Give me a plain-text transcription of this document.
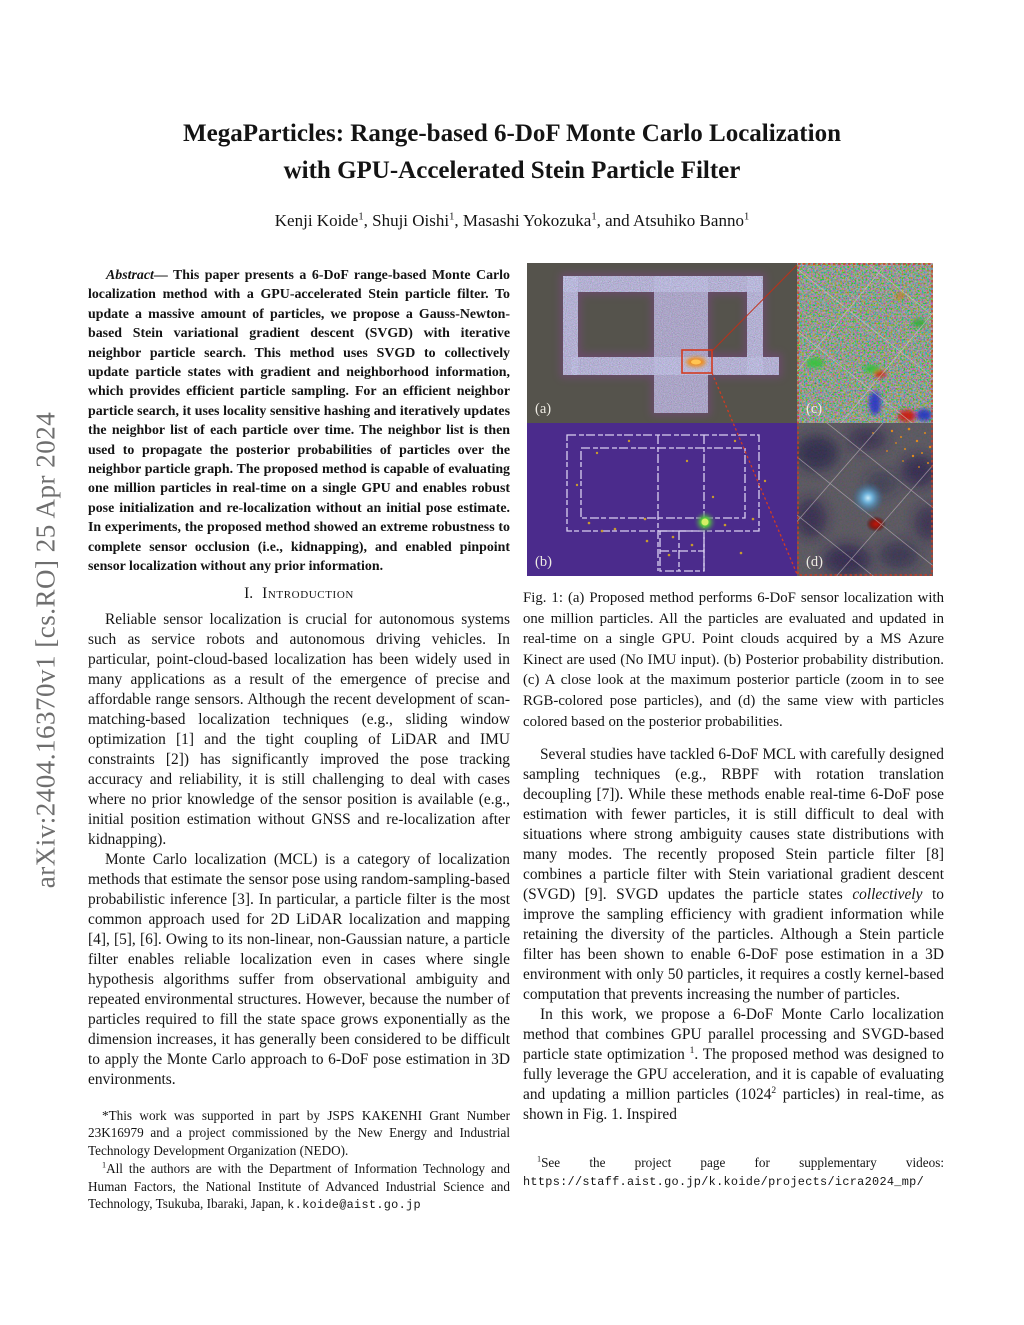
arXiv:2404.16370v1 [cs.RO] 25 Apr 2024
MegaParticles: Range-based 6-DoF Monte Carlo Localization
with GPU-Accelerated Stein Particle Filter
Kenji Koide$^1$, Shuji Oishi$^1$, Masashi Yokozuka$^1$, and Atsuhiko Banno$^1$

Abstract— This paper presents a 6-DoF range-based Monte Carlo localization method with a GPU-accelerated Stein particle filter. To update a massive amount of particles, we propose a Gauss-Newton-based Stein variational gradient descent (SVGD) with iterative neighbor particle search. This method uses SVGD to collectively update particle states with gradient and neighborhood information, which provides efficient particle sampling. For an efficient neighbor particle search, it uses locality sensitive hashing and iteratively updates the neighbor list of each particle over time. The neighbor list is then used to propagate the posterior probabilities of particles over the neighbor particle graph. The proposed method is capable of evaluating one million particles in real-time on a single GPU and enables robust pose initialization and re-localization without an initial pose estimate. In experiments, the proposed method showed an extreme robustness to complete sensor occlusion (i.e., kidnapping), and enabled pinpoint sensor localization without any prior information.

I. Introduction

Reliable sensor localization is crucial for autonomous systems such as service robots and autonomous driving vehicles. In particular, point-cloud-based localization has been widely used in many applications as a result of the emergence of precise and affordable range sensors. Although the recent development of scan-matching-based localization techniques (e.g., sliding window optimization [1] and the tight coupling of LiDAR and IMU constraints [2]) has significantly improved the pose tracking accuracy and reliability, it is still challenging to deal with cases where no prior knowledge of the sensor position is available (e.g., initial position estimation without GNSS and re-localization after kidnapping).

Monte Carlo localization (MCL) is a category of localization methods that estimate the sensor pose using random-sampling-based probabilistic inference [3]. In particular, a particle filter is the most common approach used for 2D LiDAR localization and mapping [4], [5], [6]. Owing to its non-linear, non-Gaussian nature, a particle filter enables reliable localization even in cases where single hypothesis algorithms suffer from observational ambiguity and repeated environmental structures. However, because the number of particles required to fill the state space grows exponentially as the dimension increases, it has generally been considered to be difficult to apply the Monte Carlo approach to 6-DoF pose estimation in 3D environments.

*This work was supported in part by JSPS KAKENHI Grant Number 23K16979 and a project commissioned by the New Energy and Industrial Technology Development Organization (NEDO).

$^1$All the authors are with the Department of Information Technology and Human Factors, the National Institute of Advanced Industrial Science and Technology, Tsukuba, Ibaraki, Japan, k.koide@aist.go.jp

(a)
(b)
(c)
(d)

Fig. 1: (a) Proposed method performs 6-DoF sensor localization with one million particles. All the particles are evaluated and updated in real-time on a single GPU. Point clouds acquired by a MS Azure Kinect are used (No IMU input). (b) Posterior probability distribution. (c) A close look at the maximum posterior particle (zoom in to see RGB-colored pose particles), and (d) the same view with particles colored based on the posterior probabilities.

Several studies have tackled 6-DoF MCL with carefully designed sampling techniques (e.g., RBPF with rotation translation decoupling [7]). While these methods enable real-time 6-DoF pose estimation with fewer particles, it is still difficult to deal with situations where strong ambiguity causes state distributions with many modes. The recently proposed Stein particle filter [8] combines a particle filter with Stein variational gradient descent (SVGD) [9]. SVGD updates the particle states collectively to improve the sampling efficiency with gradient information while retaining the diversity of the particles. Although a Stein particle filter has been shown to enable 6-DoF pose estimation in a 3D environment with only 50 particles, it requires a costly kernel-based computation that prevents increasing the number of particles.

In this work, we propose a 6-DoF Monte Carlo localization method that combines GPU parallel processing and SVGD-based particle state optimization $^1$. The proposed method was designed to fully leverage the GPU acceleration, and it is capable of evaluating and updating a million particles (1024$^2$ particles) in real-time, as shown in Fig. 1. Inspired

$^1$See the project page for supplementary videos: https://staff.aist.go.jp/k.koide/projects/icra2024_mp/
